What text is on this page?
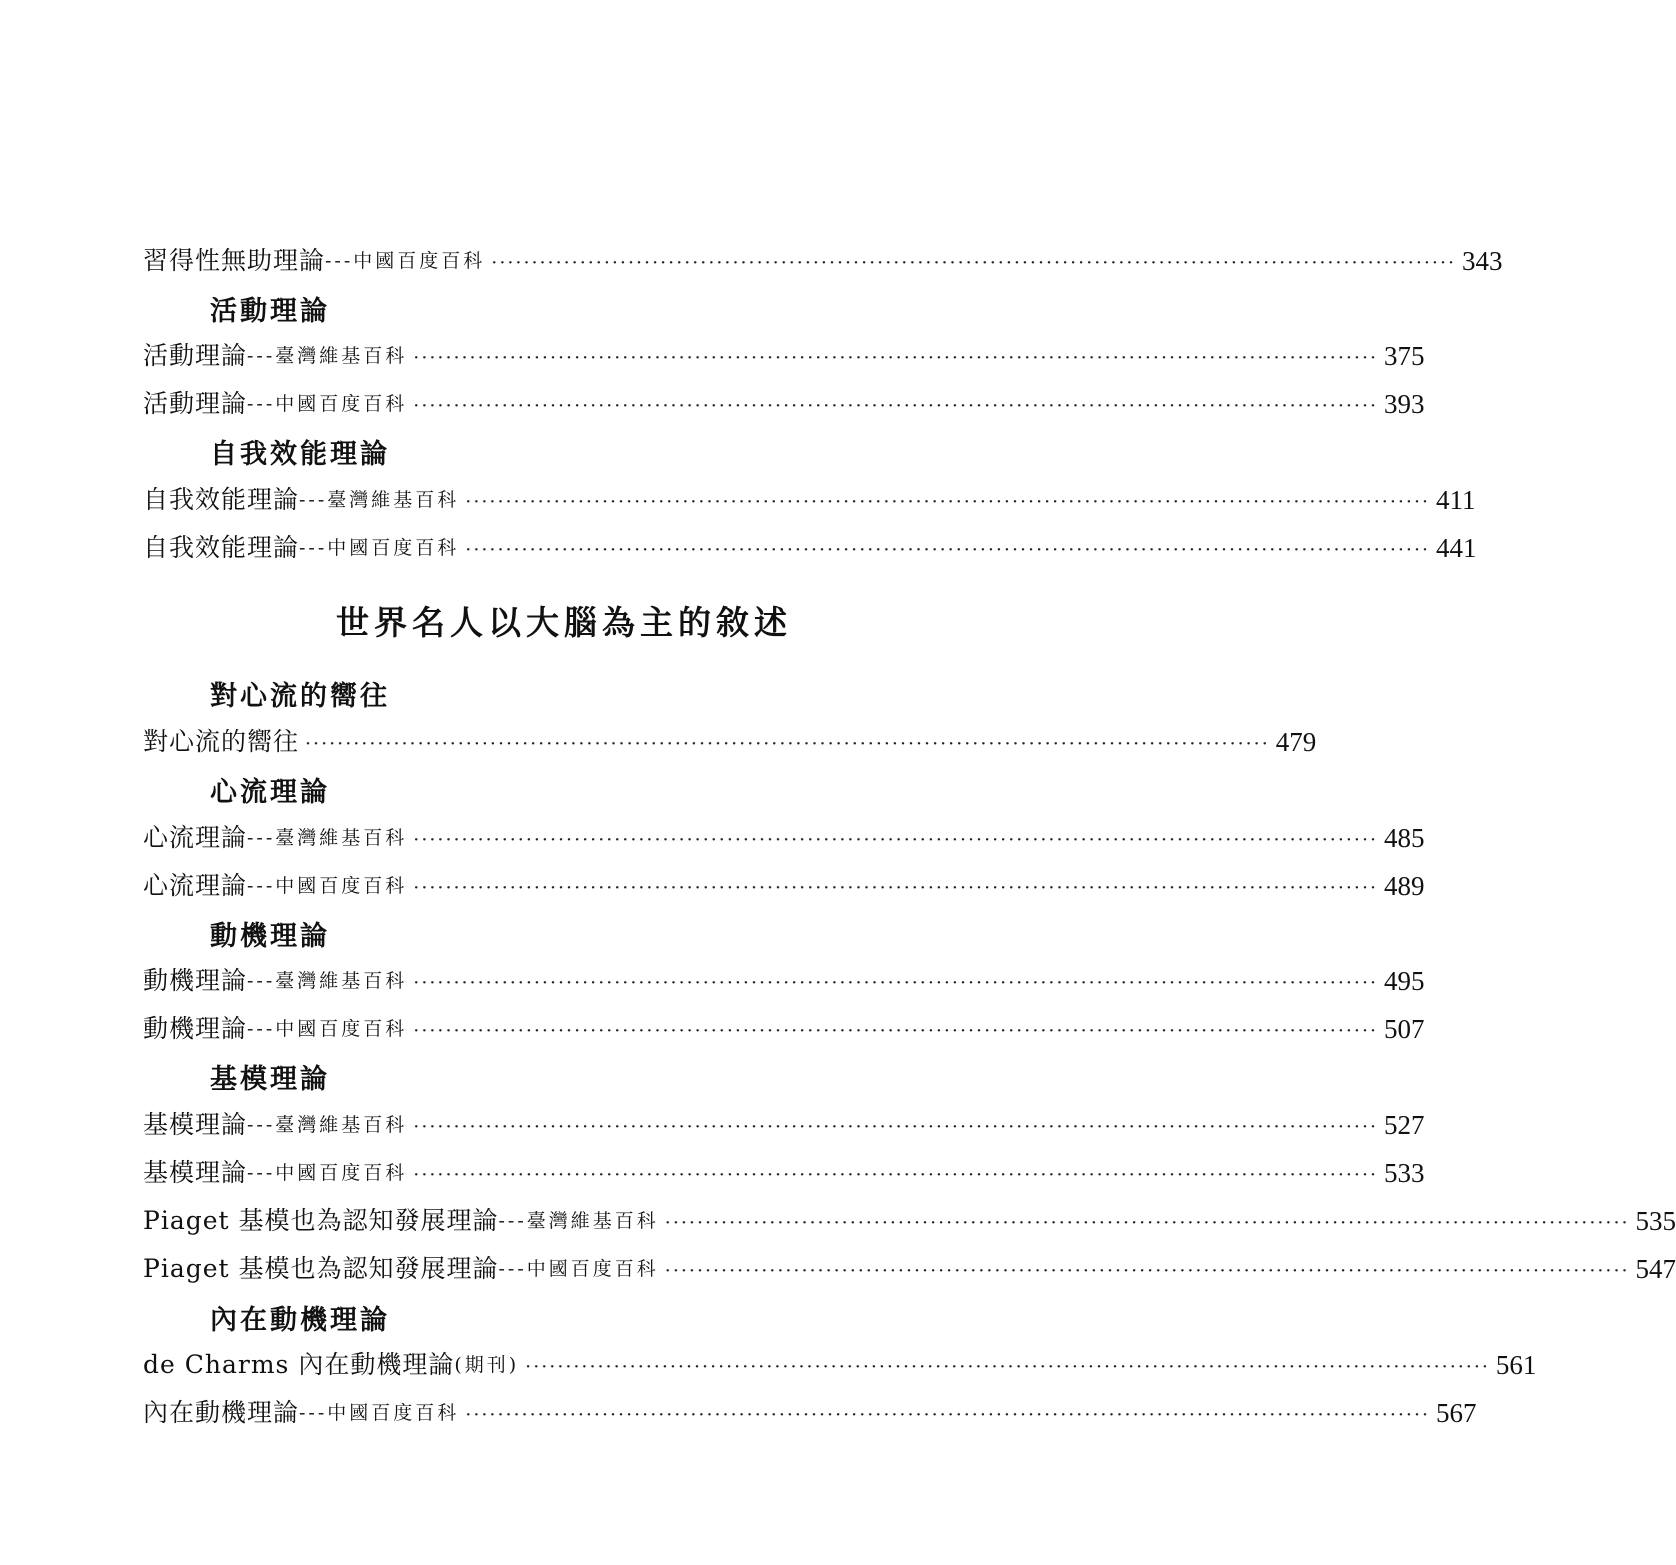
習得性無助理論 ---中國百度百科 ························································································································ 343
活動理論
活動理論 ---臺灣維基百科 ························································································································ 375
活動理論 ---中國百度百科 ························································································································ 393
自我效能理論
自我效能理論 ---臺灣維基百科 ························································································································ 411
自我效能理論 ---中國百度百科 ························································································································ 441
世界名人以大腦為主的敘述
對心流的嚮往
對心流的嚮往 ························································································································ 479
心流理論
心流理論 ---臺灣維基百科 ························································································································ 485
心流理論 ---中國百度百科 ························································································································ 489
動機理論
動機理論 ---臺灣維基百科 ························································································································ 495
動機理論 ---中國百度百科 ························································································································ 507
基模理論
基模理論 ---臺灣維基百科 ························································································································ 527
基模理論 ---中國百度百科 ························································································································ 533
Piaget 基模也為認知發展理論 ---臺灣維基百科 ························································································································ 535
Piaget 基模也為認知發展理論 ---中國百度百科 ························································································································ 547
內在動機理論
de Charms 內在動機理論 (期刊) ························································································································ 561
內在動機理論 ---中國百度百科 ························································································································ 567
